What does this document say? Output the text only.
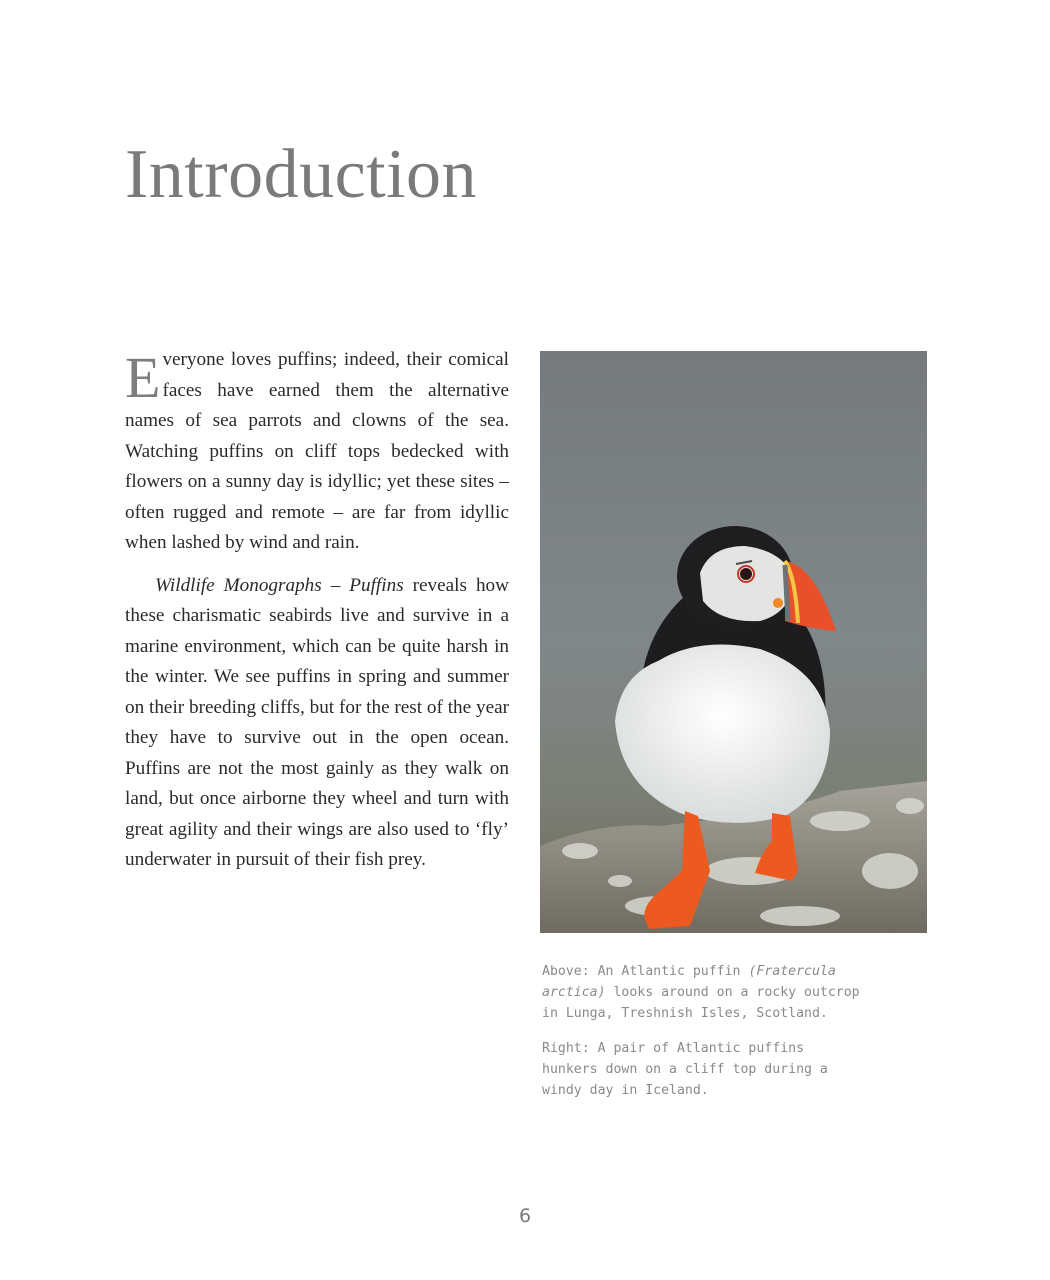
Introduction

Everyone loves puffins; indeed, their comical faces have earned them the alternative names of sea parrots and clowns of the sea. Watching puffins on cliff tops bedecked with flowers on a sunny day is idyllic; yet these sites – often rugged and remote – are far from idyllic when lashed by wind and rain.

Wildlife Monographs – Puffins reveals how these charismatic seabirds live and survive in a marine environment, which can be quite harsh in the winter. We see puffins in spring and summer on their breeding cliffs, but for the rest of the year they have to survive out in the open ocean. Puffins are not the most gainly as they walk on land, but once airborne they wheel and turn with great agility and their wings are also used to ‘fly’ underwater in pursuit of their fish prey.

Above: An Atlantic puffin (Fratercula arctica) looks around on a rocky outcrop in Lunga, Treshnish Isles, Scotland.
Right: A pair of Atlantic puffins hunkers down on a cliff top during a windy day in Iceland.
6
